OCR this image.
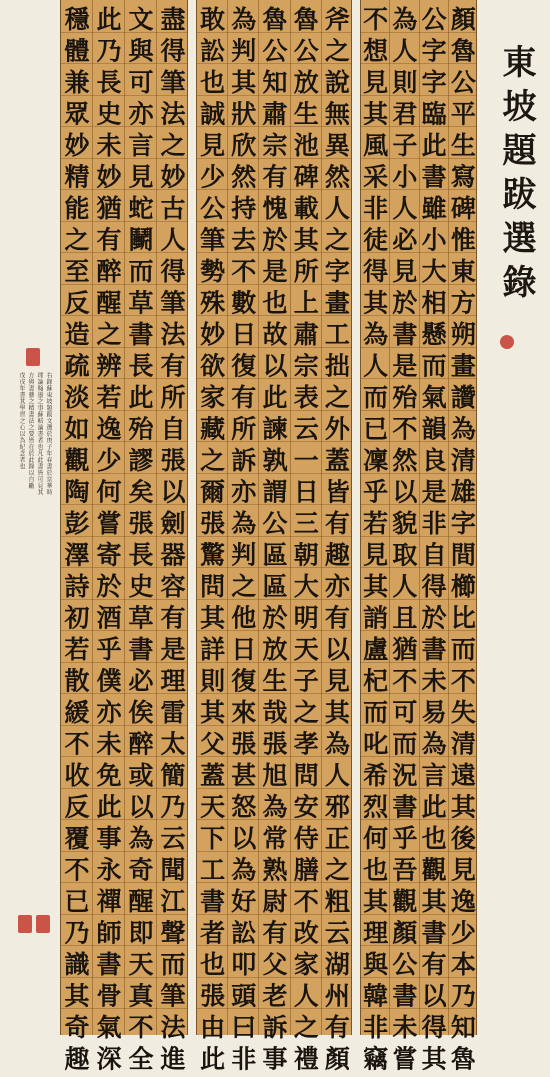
顏魯公平生寫碑惟東方朔畫讚為清雄字間櫛比而不失清遠其後見逸少本乃知魯
公字字臨此書雖小大相懸而氣韻良是非自得於書未易為言此也觀其書有以得其
為人則君子小人必見於書是殆不然以貌取人且猶不可而況書乎吾觀顏公書未嘗
不想見其風采非徒得其為人而已凜乎若見其誚盧杞而叱希烈何也其理與韓非竊
斧之說無異然人之字畫工拙之外蓋皆有趣亦有以見其為人邪正之粗云湖州有顏
魯公放生池碑載其所上肅宗表云一日三朝大明天子之孝問安侍膳不改家人之禮
魯公知肅宗有愧於是也故以此諫孰謂公區區於放生哉張旭為常熟尉有父老訴事
為判其狀欣然持去不數日復有所訴亦為判之他日復來張甚怒以為好訟叩頭曰非
敢訟也誠見少公筆勢殊妙欲家藏之爾張驚問其詳則其父蓋天下工書者也張由此
盡得筆法之妙古人得筆法有所自張以劍器容有是理雷太簡乃云聞江聲而筆法進
文與可亦言見蛇鬭而草書長此殆謬矣張長史草書必俟醉或以為奇醒即天真不全
此乃長史未妙猶有醉醒之辨若逸少何嘗寄於酒乎僕亦未免此事永禪師書骨氣深
穩體兼眾妙精能之至反造疏淡如觀陶彭澤詩初若散緩不收反覆不已乃識其奇趣	東坡題跋選錄
右錄蘇東坡題跋文選於庚子年春書於京華時
理論翰墨之事蘇軾論書者也凡此書皆可見其
方與書藝之精書法之要皆在於此錄以自勵
戊戌年書其學習之心以為紀念者也
